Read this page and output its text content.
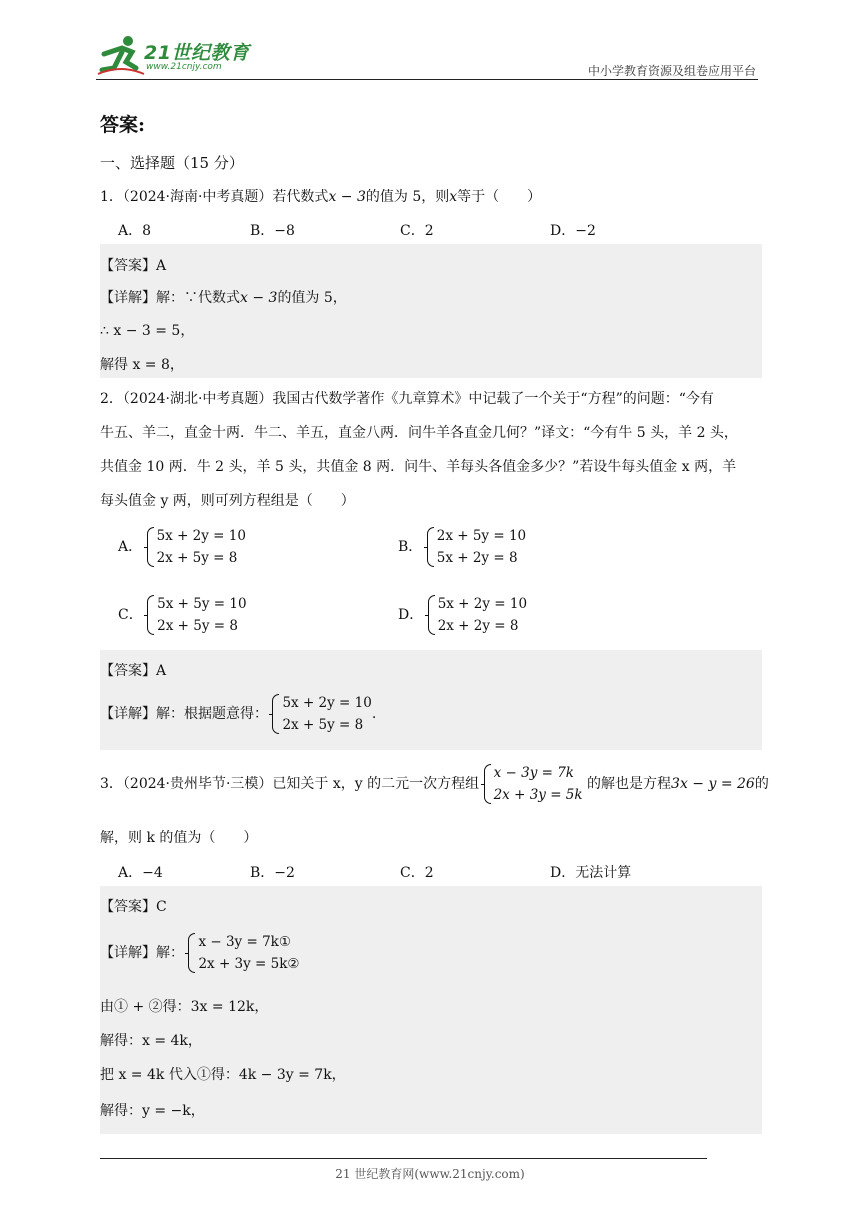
21世纪教育
www.21cnjy.com	中小学教育资源及组卷应用平台
答案:
一、选择题（15 分）
1．（2024·海南·中考真题）若代数式x − 3的值为 5，则x等于（　　）
A．8	B．−8	C．2	D．−2
【答案】A
【详解】解：∵代数式x − 3的值为 5，
∴ x − 3 = 5，
解得 x = 8，
2．（2024·湖北·中考真题）我国古代数学著作《九章算术》中记载了一个关于“方程”的问题：“今有
牛五、羊二，直金十两．牛二、羊五，直金八两．问牛羊各直金几何？”译文：“今有牛 5 头，羊 2 头，
共值金 10 两．牛 2 头，羊 5 头，共值金 8 两．问牛、羊每头各值金多少？”若设牛每头值金 x 两，羊
每头值金 y 两，则可列方程组是（　　）
A．
5x + 2y = 10
2x + 5y = 8
B．
2x + 5y = 10
5x + 2y = 8
C．
5x + 5y = 10
2x + 5y = 8
D．
5x + 2y = 10
2x + 2y = 8
【答案】A
【详解】解：根据题意得：
5x + 2y = 10
2x + 5y = 8
.
3．（2024·贵州毕节·三模）已知关于 x，y 的二元一次方程组
x − 3y = 7k
2x + 3y = 5k
的解也是方程3x − y = 26的
解，则 k 的值为（　　）
A．−4	B．−2	C．2	D．无法计算
【答案】C
【详解】解：
x − 3y = 7k①
2x + 3y = 5k②
由① + ②得：3x = 12k，
解得：x = 4k，
把 x = 4k 代入①得：4k − 3y = 7k，
解得：y = −k，
21 世纪教育网(www.21cnjy.com)
